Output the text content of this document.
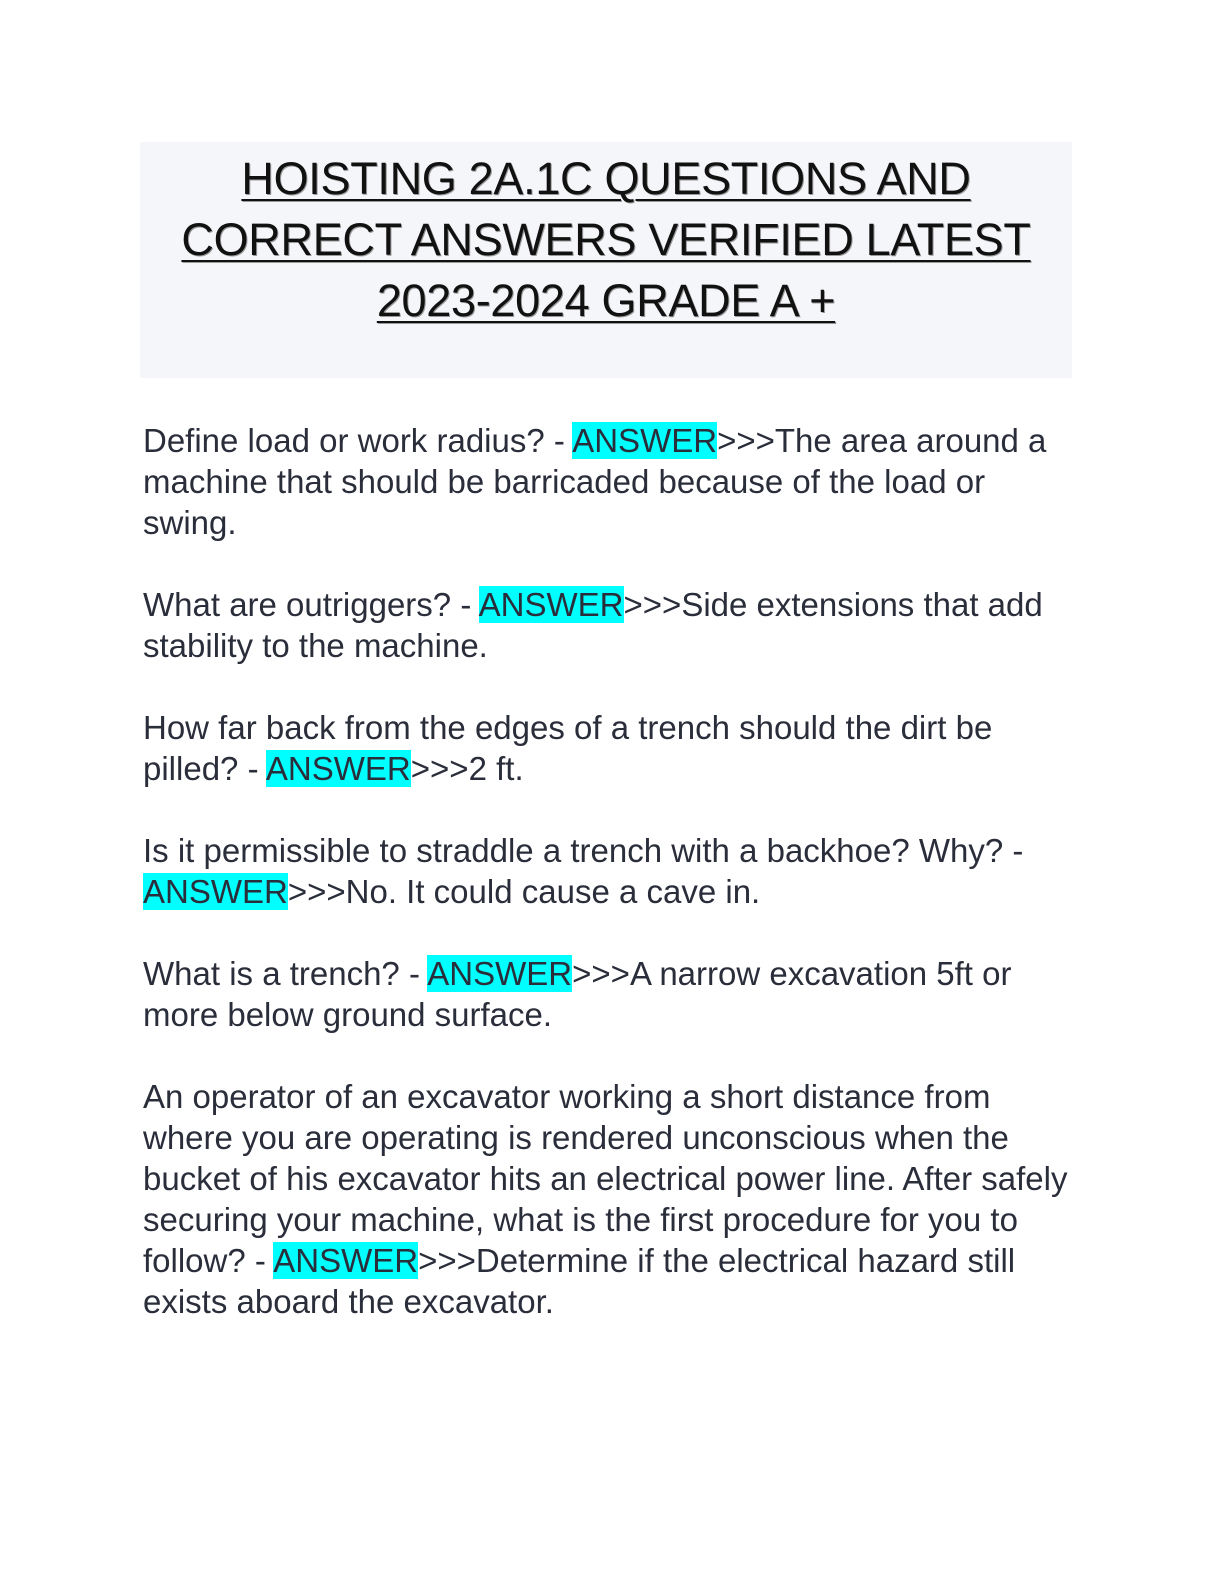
HOISTING 2A.1C QUESTIONS AND CORRECT ANSWERS VERIFIED LATEST 2023-2024 GRADE A +
Define load or work radius? - ANSWER>>>The area around a machine that should be barricaded because of the load or swing.
What are outriggers? - ANSWER>>>Side extensions that add stability to the machine.
How far back from the edges of a trench should the dirt be pilled? - ANSWER>>>2 ft.
Is it permissible to straddle a trench with a backhoe? Why? - ANSWER>>>No. It could cause a cave in.
What is a trench? - ANSWER>>>A narrow excavation 5ft or more below ground surface.
An operator of an excavator working a short distance from where you are operating is rendered unconscious when the bucket of his excavator hits an electrical power line. After safely securing your machine, what is the first procedure for you to follow? - ANSWER>>>Determine if the electrical hazard still exists aboard the excavator.
